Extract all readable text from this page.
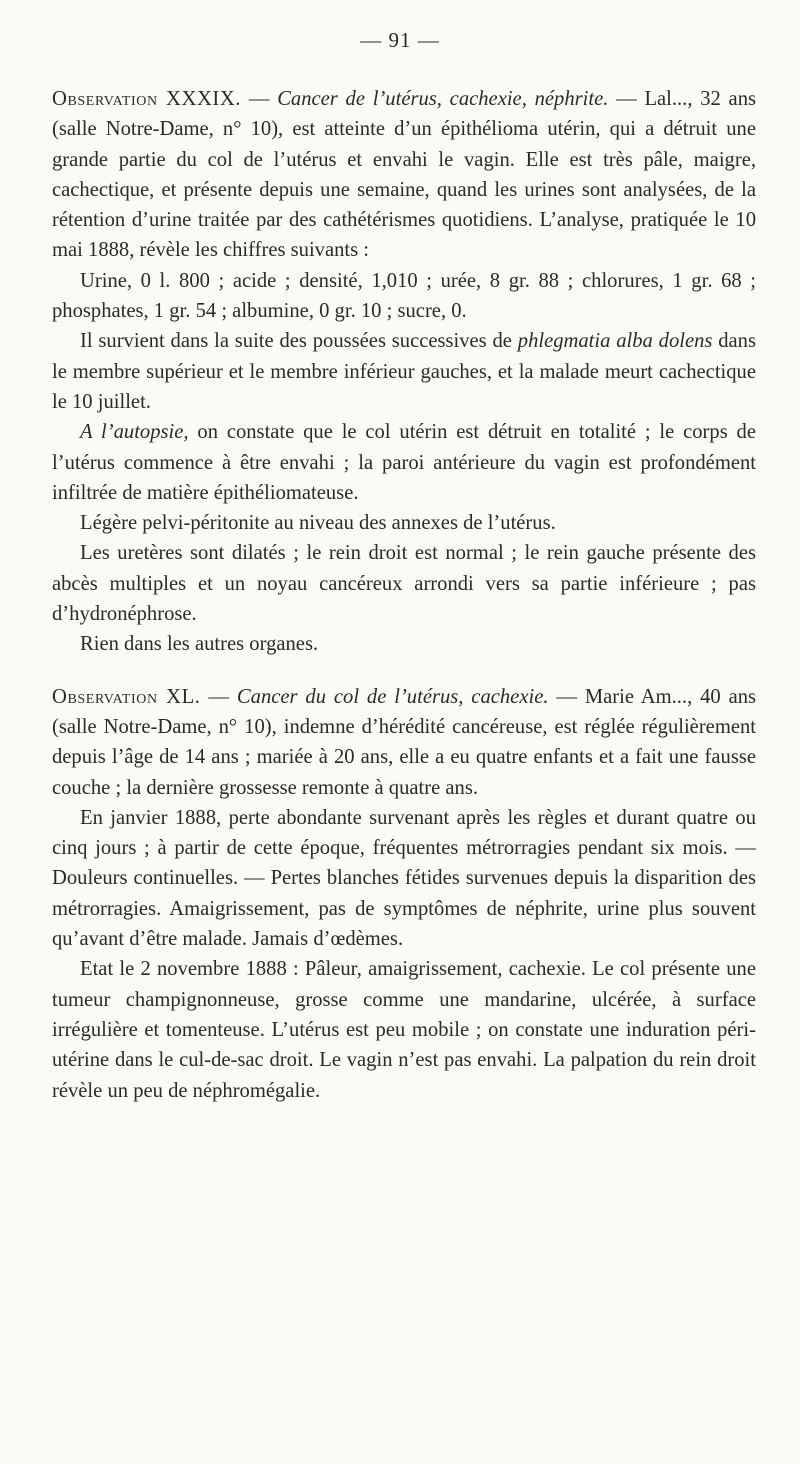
— 91 —

Observation XXXIX. — Cancer de l’utérus, cachexie, néphrite. — Lal..., 32 ans (salle Notre-Dame, n° 10), est atteinte d’un épithélioma utérin, qui a détruit une grande partie du col de l’utérus et envahi le vagin. Elle est très pâle, maigre, cachectique, et présente depuis une semaine, quand les urines sont analysées, de la rétention d’urine traitée par des cathétérismes quotidiens. L’analyse, pratiquée le 10 mai 1888, révèle les chiffres suivants :

Urine, 0 l. 800 ; acide ; densité, 1,010 ; urée, 8 gr. 88 ; chlorures, 1 gr. 68 ; phosphates, 1 gr. 54 ; albumine, 0 gr. 10 ; sucre, 0.

Il survient dans la suite des poussées successives de phlegmatia alba dolens dans le membre supérieur et le membre inférieur gauches, et la malade meurt cachectique le 10 juillet.

A l’autopsie, on constate que le col utérin est détruit en totalité ; le corps de l’utérus commence à être envahi ; la paroi antérieure du vagin est profondément infiltrée de matière épithéliomateuse.

Légère pelvi-péritonite au niveau des annexes de l’utérus.

Les uretères sont dilatés ; le rein droit est normal ; le rein gauche présente des abcès multiples et un noyau cancéreux arrondi vers sa partie inférieure ; pas d’hydronéphrose.

Rien dans les autres organes.

Observation XL. — Cancer du col de l’utérus, cachexie. — Marie Am..., 40 ans (salle Notre-Dame, n° 10), indemne d’hérédité cancéreuse, est réglée régulièrement depuis l’âge de 14 ans ; mariée à 20 ans, elle a eu quatre enfants et a fait une fausse couche ; la dernière grossesse remonte à quatre ans.

En janvier 1888, perte abondante survenant après les règles et durant quatre ou cinq jours ; à partir de cette époque, fréquentes métrorragies pendant six mois. — Douleurs continuelles. — Pertes blanches fétides survenues depuis la disparition des métrorragies. Amaigrissement, pas de symptômes de néphrite, urine plus souvent qu’avant d’être malade. Jamais d’œdèmes.

Etat le 2 novembre 1888 : Pâleur, amaigrissement, cachexie. Le col présente une tumeur champignonneuse, grosse comme une mandarine, ulcérée, à surface irrégulière et tomenteuse. L’utérus est peu mobile ; on constate une induration péri-utérine dans le cul-de-sac droit. Le vagin n’est pas envahi. La palpation du rein droit révèle un peu de néphromégalie.
